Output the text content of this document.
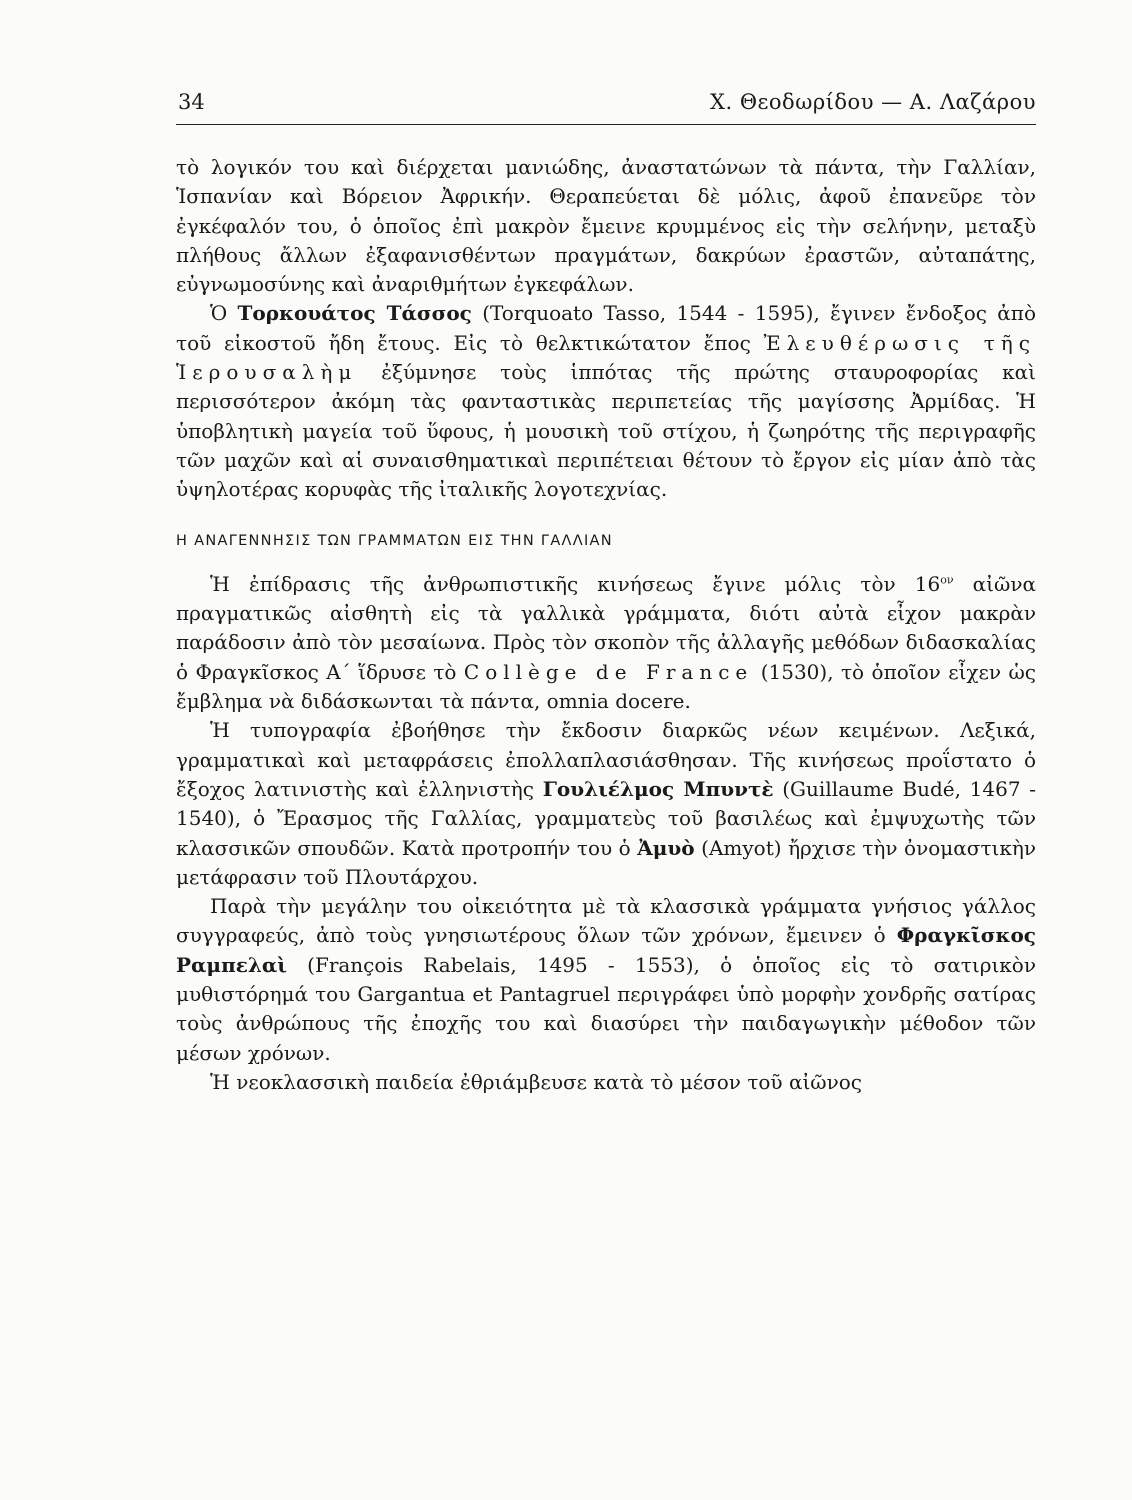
34	Χ. Θεοδωρίδου — Α. Λαζάρου

τὸ λογικόν του καὶ διέρχεται μανιώδης, ἀναστατώνων τὰ πάντα, τὴν Γαλλίαν, Ἱσπανίαν καὶ Βόρειον Ἀφρικήν. Θεραπεύεται δὲ μόλις, ἀφοῦ ἐπανεῦρε τὸν ἐγκέφαλόν του, ὁ ὁποῖος ἐπὶ μακρὸν ἔμεινε κρυμμένος εἰς τὴν σελήνην, μεταξὺ πλήθους ἄλλων ἐξαφανισθέντων πραγμάτων, δακρύων ἐραστῶν, αὐταπάτης, εὐγνωμοσύνης καὶ ἀναριθμήτων ἐγκεφάλων.

Ὁ Τορκουάτος Τάσσος (Torquoato Tasso, 1544 - 1595), ἔγινεν ἔνδοξος ἀπὸ τοῦ εἰκοστοῦ ἤδη ἔτους. Εἰς τὸ θελκτικώτατον ἔπος Ἐλευθέρωσις τῆς Ἱερουσαλὴμ ἐξύμνησε τοὺς ἱππότας τῆς πρώτης σταυροφορίας καὶ περισσότερον ἀκόμη τὰς φανταστικὰς περιπετείας τῆς μαγίσσης Ἀρμίδας. Ἡ ὑποβλητικὴ μαγεία τοῦ ὕφους, ἡ μουσικὴ τοῦ στίχου, ἡ ζωηρότης τῆς περιγραφῆς τῶν μαχῶν καὶ αἱ συναισθηματικαὶ περιπέτειαι θέτουν τὸ ἔργον εἰς μίαν ἀπὸ τὰς ὑψηλοτέρας κορυφὰς τῆς ἰταλικῆς λογοτεχνίας.

Η ΑΝΑΓΕΝΝΗΣΙΣ ΤΩΝ ΓΡΑΜΜΑΤΩΝ ΕΙΣ ΤΗΝ ΓΑΛΛΙΑΝ

Ἡ ἐπίδρασις τῆς ἀνθρωπιστικῆς κινήσεως ἔγινε μόλις τὸν $16^{o\nu}$ αἰῶνα πραγματικῶς αἰσθητὴ εἰς τὰ γαλλικὰ γράμματα, διότι αὐτὰ εἶχον μακρὰν παράδοσιν ἀπὸ τὸν μεσαίωνα. Πρὸς τὸν σκοπὸν τῆς ἀλλαγῆς μεθόδων διδασκαλίας ὁ Φραγκῖσκος Α΄ ἵδρυσε τὸ Collège de France (1530), τὸ ὁποῖον εἶχεν ὡς ἔμβλημα νὰ διδάσκωνται τὰ πάντα, omnia docere.

Ἡ τυπογραφία ἐβοήθησε τὴν ἔκδοσιν διαρκῶς νέων κειμένων. Λεξικά, γραμματικαὶ καὶ μεταφράσεις ἐπολλαπλασιάσθησαν. Τῆς κινήσεως προΐστατο ὁ ἔξοχος λατινιστὴς καὶ ἑλληνιστὴς Γουλιέλμος Μπυντὲ (Guillaume Budé, 1467 - 1540), ὁ Ἔρασμος τῆς Γαλλίας, γραμματεὺς τοῦ βασιλέως καὶ ἐμψυχωτὴς τῶν κλασσικῶν σπουδῶν. Κατὰ προτροπήν του ὁ Ἀμυὸ (Amyot) ἤρχισε τὴν ὀνομαστικὴν μετάφρασιν τοῦ Πλουτάρχου.

Παρὰ τὴν μεγάλην του οἰκειότητα μὲ τὰ κλασσικὰ γράμματα γνήσιος γάλλος συγγραφεύς, ἀπὸ τοὺς γνησιωτέρους ὅλων τῶν χρόνων, ἔμεινεν ὁ Φραγκῖσκος Ραμπελαὶ (François Rabelais, 1495 - 1553), ὁ ὁποῖος εἰς τὸ σατιρικὸν μυθιστόρημά του Gargantua et Pantagruel περιγράφει ὑπὸ μορφὴν χονδρῆς σατίρας τοὺς ἀνθρώπους τῆς ἐποχῆς του καὶ διασύρει τὴν παιδαγωγικὴν μέθοδον τῶν μέσων χρόνων.

Ἡ νεοκλασσικὴ παιδεία ἐθριάμβευσε κατὰ τὸ μέσον τοῦ αἰῶνος
